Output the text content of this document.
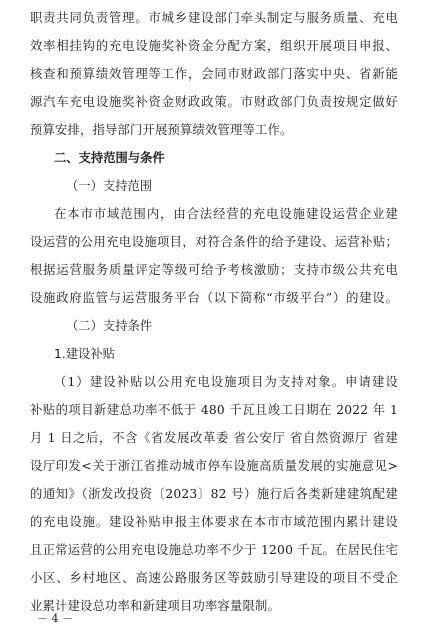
职责共同负责管理。市城乡建设部门牵头制定与服务质量、充电
效率相挂钩的充电设施奖补资金分配方案，组织开展项目申报、
核查和预算绩效管理等工作，会同市财政部门落实中央、省新能
源汽车充电设施奖补资金财政政策。市财政部门负责按规定做好
预算安排，指导部门开展预算绩效管理等工作。
二、支持范围与条件
（一）支持范围
在本市市域范围内，由合法经营的充电设施建设运营企业建
设运营的公用充电设施项目，对符合条件的给予建设、运营补贴；
根据运营服务质量评定等级可给予考核激励；支持市级公共充电
设施政府监管与运营服务平台（以下简称“市级平台”）的建设。
（二）支持条件
1.建设补贴
（1）建设补贴以公用充电设施项目为支持对象。申请建设
补贴的项目新建总功率不低于 480 千瓦且竣工日期在 2022 年 1
月 1 日之后，不含《省发展改革委 省公安厅 省自然资源厅 省建
设厅印发<关于浙江省推动城市停车设施高质量发展的实施意见>
的通知》（浙发改投资〔2023〕82 号）施行后各类新建建筑配建
的充电设施。建设补贴申报主体要求在本市市域范围内累计建设
且正常运营的公用充电设施总功率不少于 1200 千瓦。在居民住宅
小区、乡村地区、高速公路服务区等鼓励引导建设的项目不受企
业累计建设总功率和新建项目功率容量限制。
－ 4 －
